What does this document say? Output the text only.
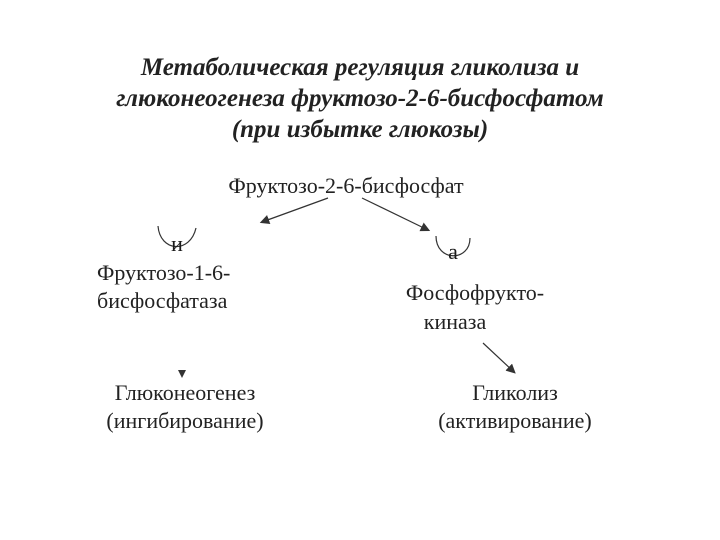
Метаболическая регуляция гликолиза и
глюконеогенеза фруктозо-2-6-бисфосфатом
(при избытке глюкозы)
Фруктозо-2-6-бисфосфат
и	а
Фруктозо-1-6-
бисфосфатаза	Фосфофрукто-
киназа
Глюконеогенез
(ингибирование)
Гликолиз
(активирование)
